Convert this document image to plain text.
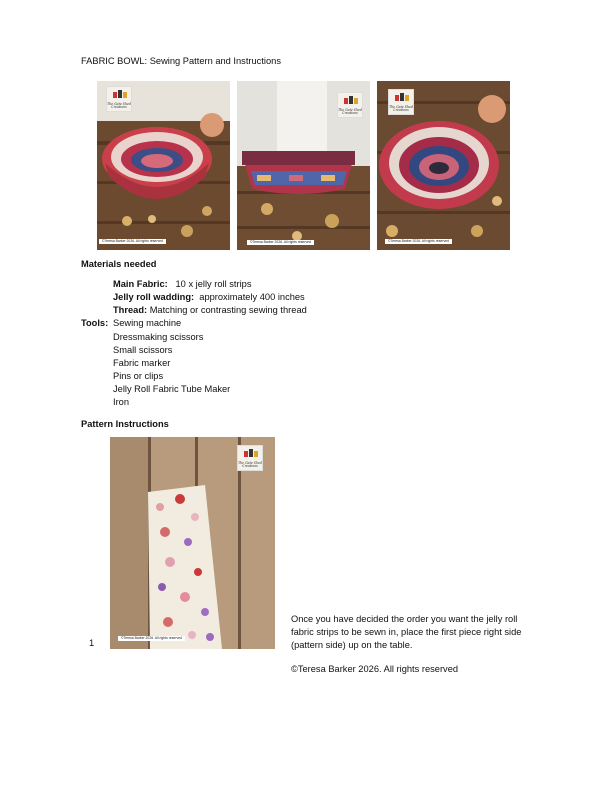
FABRIC BOWL: Sewing Pattern and Instructions
The Gate Shed
Creations
©Teresa Barker 2026. All rights reserved
The Gate Shed
Creations
©Teresa Barker 2026. All rights reserved
The Gate Shed
Creations
©Teresa Barker 2026. All rights reserved
Materials needed
Main Fabric: 10 x jelly roll strips
Jelly roll wadding: approximately 400 inches
Thread: Matching or contrasting sewing thread
Tools: Sewing machine
Dressmaking scissors
Small scissors
Fabric marker
Pins or clips
Jelly Roll Fabric Tube Maker
Iron
Pattern Instructions
The Gate Shed
Creations
©Teresa Barker 2026. All rights reserved
1
Once you have decided the order you want the jelly roll fabric strips to be sewn in, place the first piece right side (pattern side) up on the table.
©Teresa Barker 2026. All rights reserved
